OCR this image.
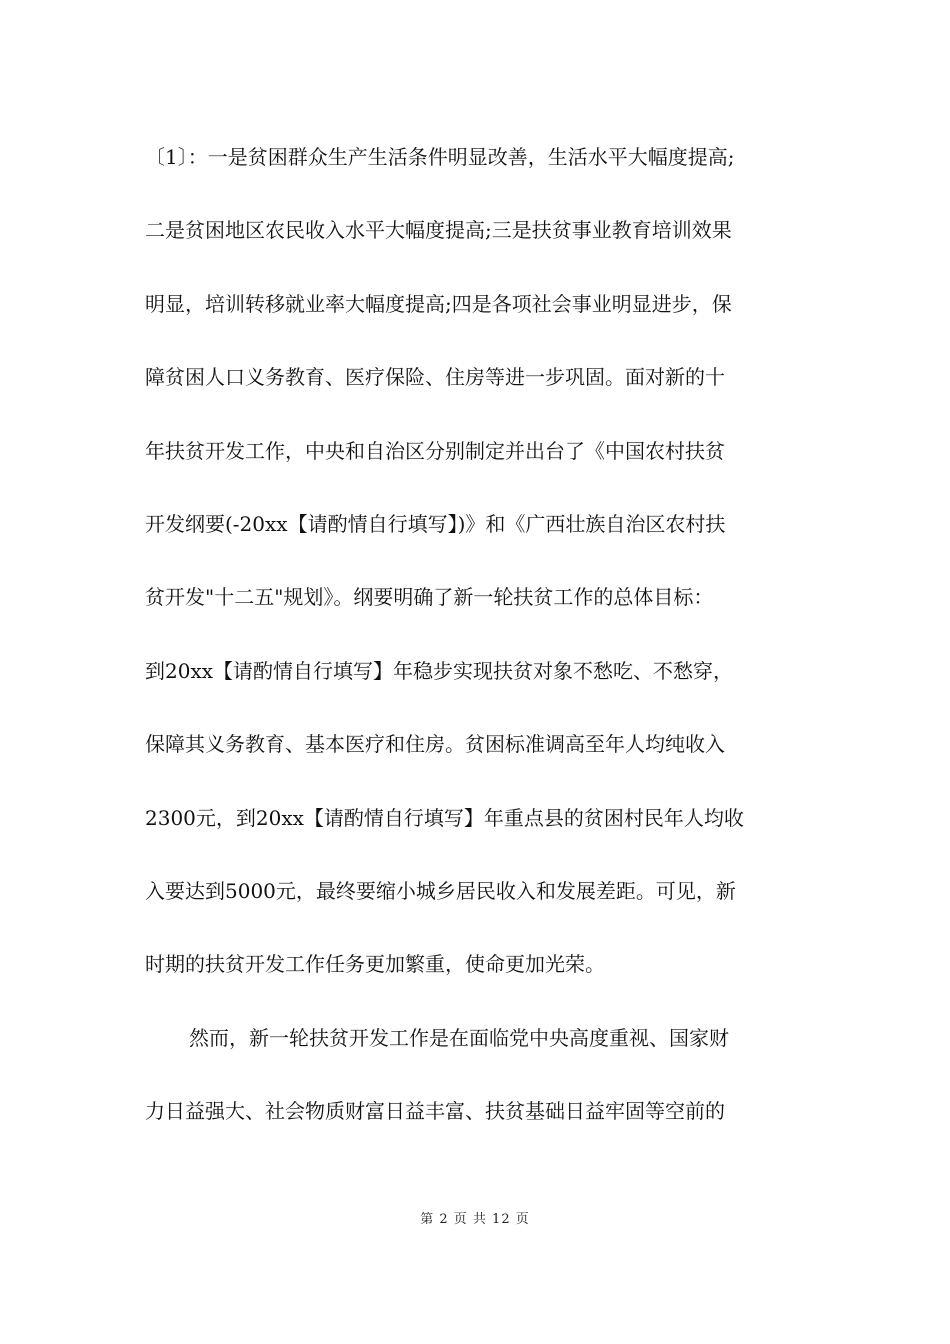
〔1〕：一是贫困群众生产生活条件明显改善，生活水平大幅度提高;
二是贫困地区农民收入水平大幅度提高;三是扶贫事业教育培训效果
明显，培训转移就业率大幅度提高;四是各项社会事业明显进步，保
障贫困人口义务教育、医疗保险、住房等进一步巩固。面对新的十
年扶贫开发工作，中央和自治区分别制定并出台了《中国农村扶贫
开发纲要(-20xx【请酌情自行填写】)》和《广西壮族自治区农村扶
贫开发"十二五"规划》。纲要明确了新一轮扶贫工作的总体目标：
到20xx【请酌情自行填写】年稳步实现扶贫对象不愁吃、不愁穿，
保障其义务教育、基本医疗和住房。贫困标准调高至年人均纯收入
2300元，到20xx【请酌情自行填写】年重点县的贫困村民年人均收
入要达到5000元，最终要缩小城乡居民收入和发展差距。可见，新
时期的扶贫开发工作任务更加繁重，使命更加光荣。
然而，新一轮扶贫开发工作是在面临党中央高度重视、国家财
力日益强大、社会物质财富日益丰富、扶贫基础日益牢固等空前的
第 2 页 共 12 页
